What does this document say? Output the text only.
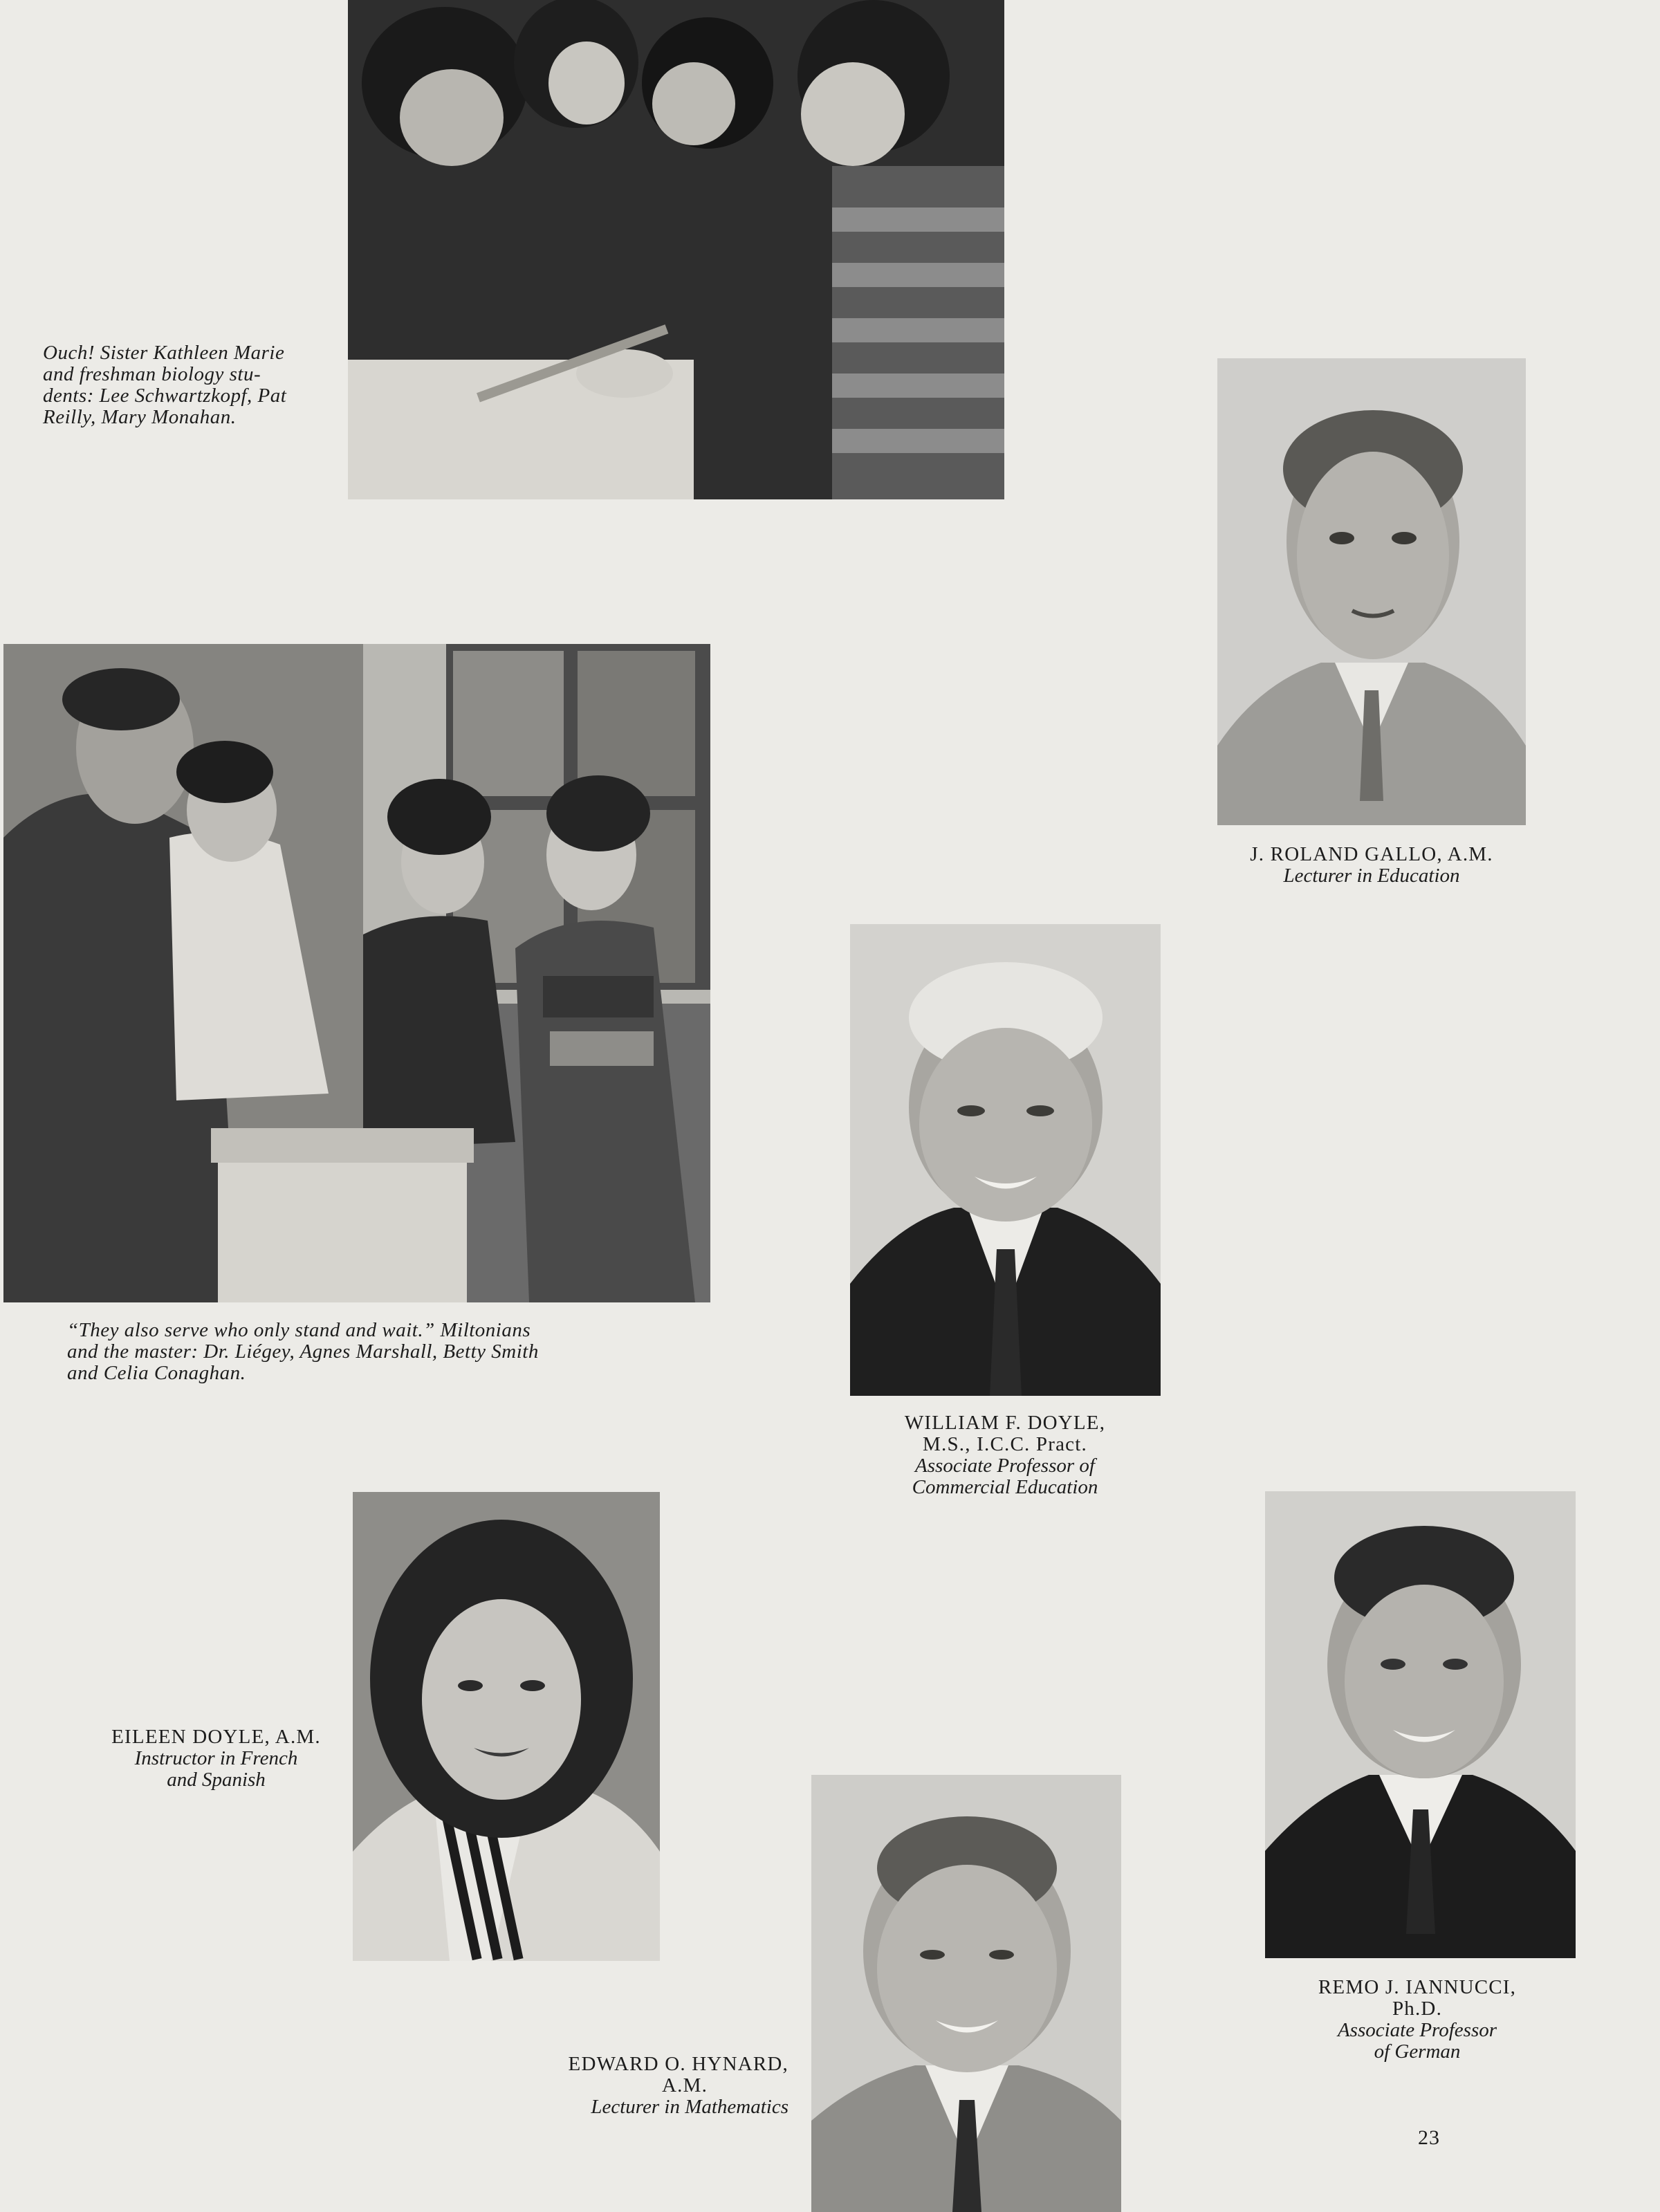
Ouch! Sister Kathleen Marie
and freshman biology stu-
dents: Lee Schwartzkopf, Pat
Reilly, Mary Monahan.
J. ROLAND GALLO, A.M.
Lecturer in Education
“They also serve who only stand and wait.” Miltonians
and the master: Dr. Liégey, Agnes Marshall, Betty Smith
and Celia Conaghan.
WILLIAM F. DOYLE,
M.S., I.C.C. Pract.
Associate Professor of
Commercial Education
EILEEN DOYLE, A.M.
Instructor in French
and Spanish
REMO J. IANNUCCI,
Ph.D.
Associate Professor
of German
EDWARD O. HYNARD,
A.M.
Lecturer in Mathematics
23
